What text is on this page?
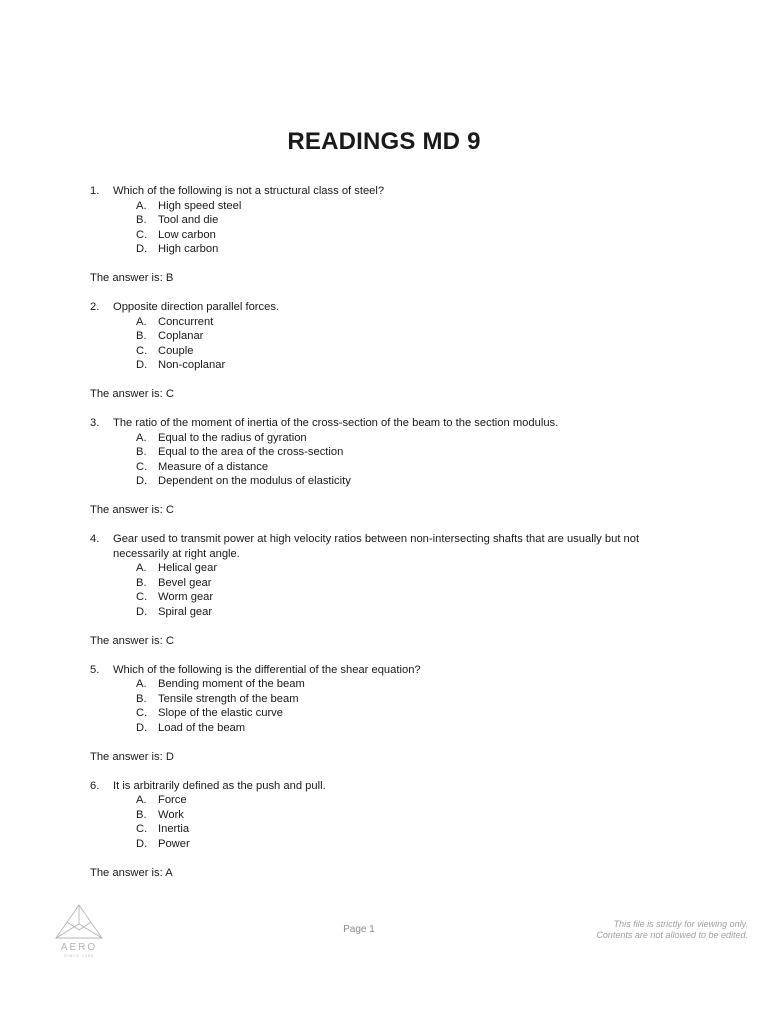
READINGS MD 9
1. Which of the following is not a structural class of steel?
A. High speed steel
B. Tool and die
C. Low carbon
D. High carbon
The answer is: B
2. Opposite direction parallel forces.
A. Concurrent
B. Coplanar
C. Couple
D. Non-coplanar
The answer is: C
3. The ratio of the moment of inertia of the cross-section of the beam to the section modulus.
A. Equal to the radius of gyration
B. Equal to the area of the cross-section
C. Measure of a distance
D. Dependent on the modulus of elasticity
The answer is: C
4. Gear used to transmit power at high velocity ratios between non-intersecting shafts that are usually but not necessarily at right angle.
A. Helical gear
B. Bevel gear
C. Worm gear
D. Spiral gear
The answer is: C
5. Which of the following is the differential of the shear equation?
A. Bending moment of the beam
B. Tensile strength of the beam
C. Slope of the elastic curve
D. Load of the beam
The answer is: D
6. It is arbitrarily defined as the push and pull.
A. Force
B. Work
C. Inertia
D. Power
The answer is: A
AERO
SINCE 1985
Page 1	This file is strictly for viewing only.
Contents are not allowed to be edited.
